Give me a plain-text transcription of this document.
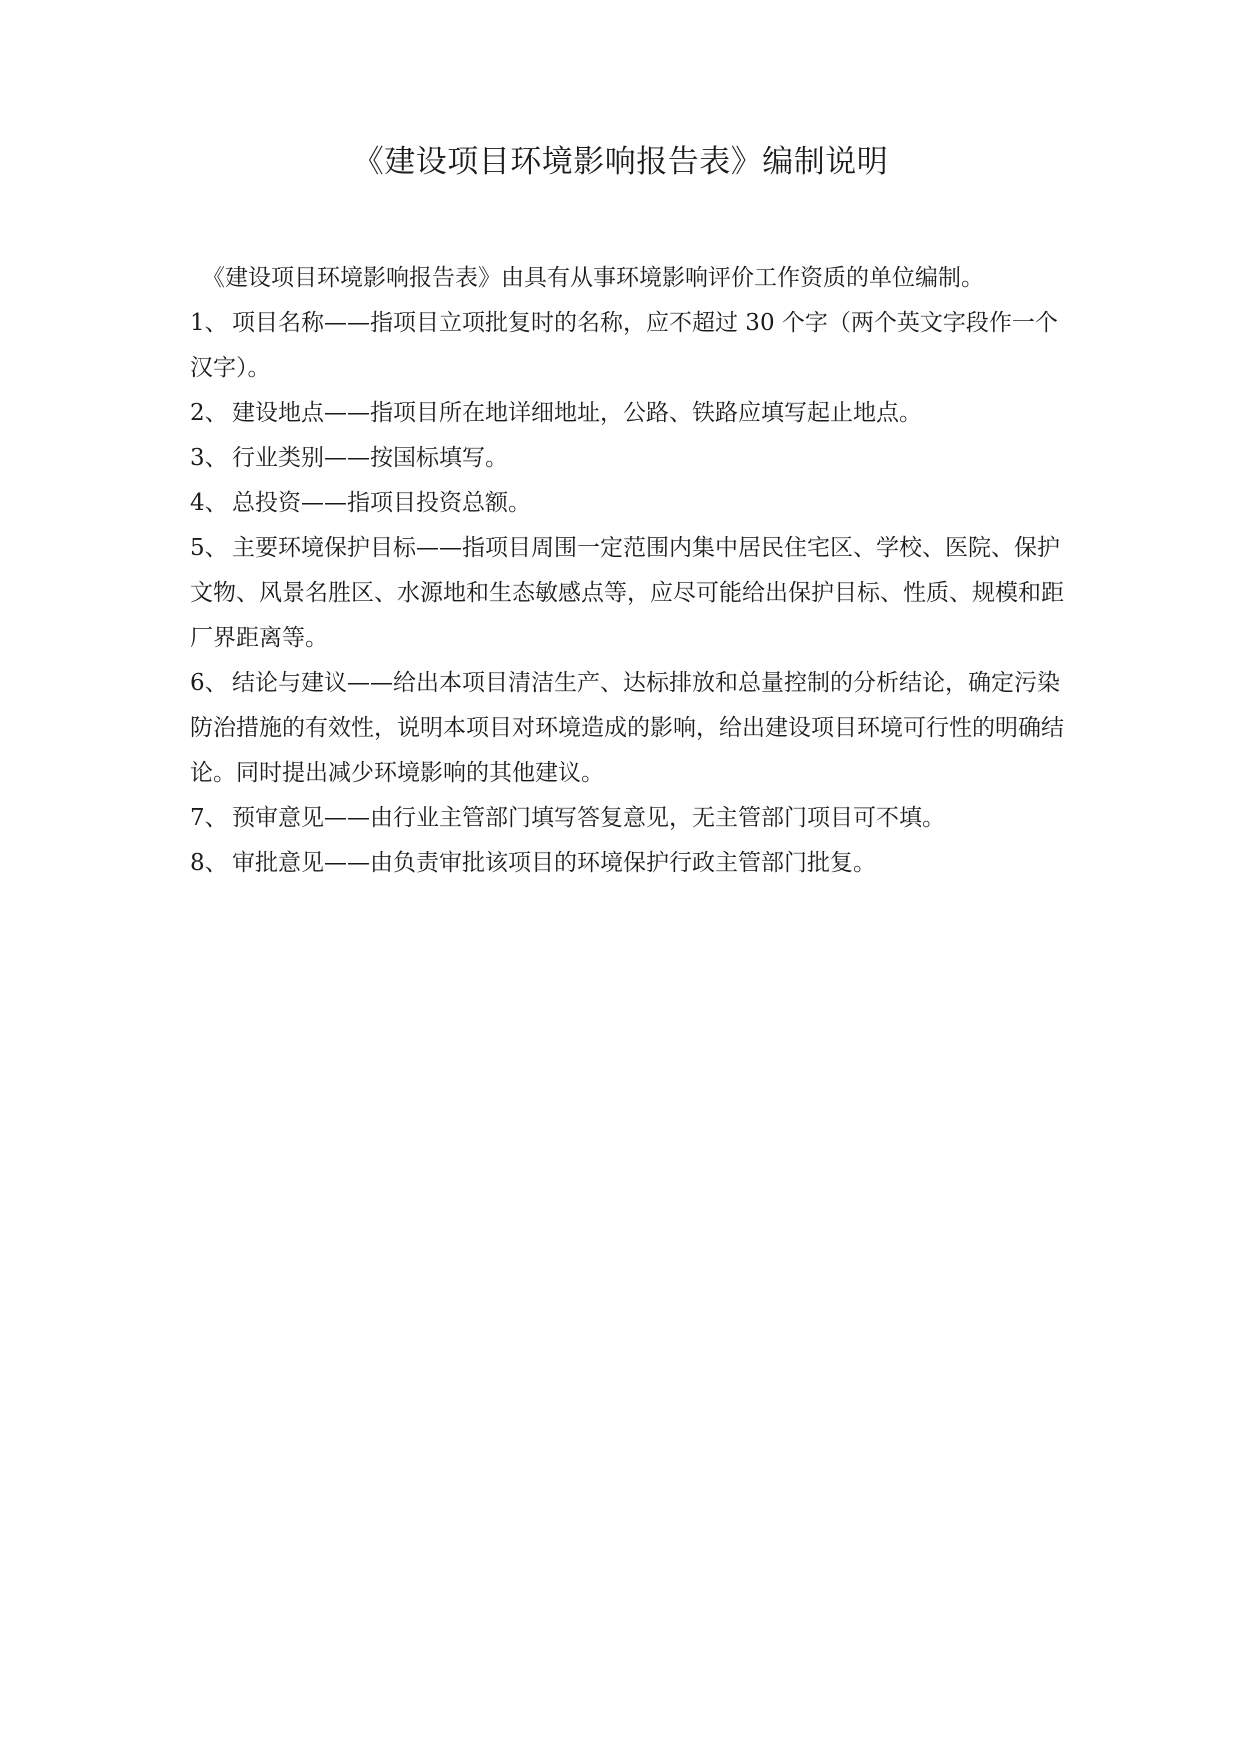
《建设项目环境影响报告表》编制说明

《建设项目环境影响报告表》由具有从事环境影响评价工作资质的单位编制。

1、 项目名称——指项目立项批复时的名称，应不超过 30 个字（两个英文字段作一个汉字）。

2、 建设地点——指项目所在地详细地址，公路、铁路应填写起止地点。

3、 行业类别——按国标填写。

4、 总投资——指项目投资总额。

5、 主要环境保护目标——指项目周围一定范围内集中居民住宅区、学校、医院、保护文物、风景名胜区、水源地和生态敏感点等，应尽可能给出保护目标、性质、规模和距厂界距离等。

6、 结论与建议——给出本项目清洁生产、达标排放和总量控制的分析结论，确定污染防治措施的有效性，说明本项目对环境造成的影响，给出建设项目环境可行性的明确结论。同时提出减少环境影响的其他建议。

7、 预审意见——由行业主管部门填写答复意见，无主管部门项目可不填。

8、 审批意见——由负责审批该项目的环境保护行政主管部门批复。
